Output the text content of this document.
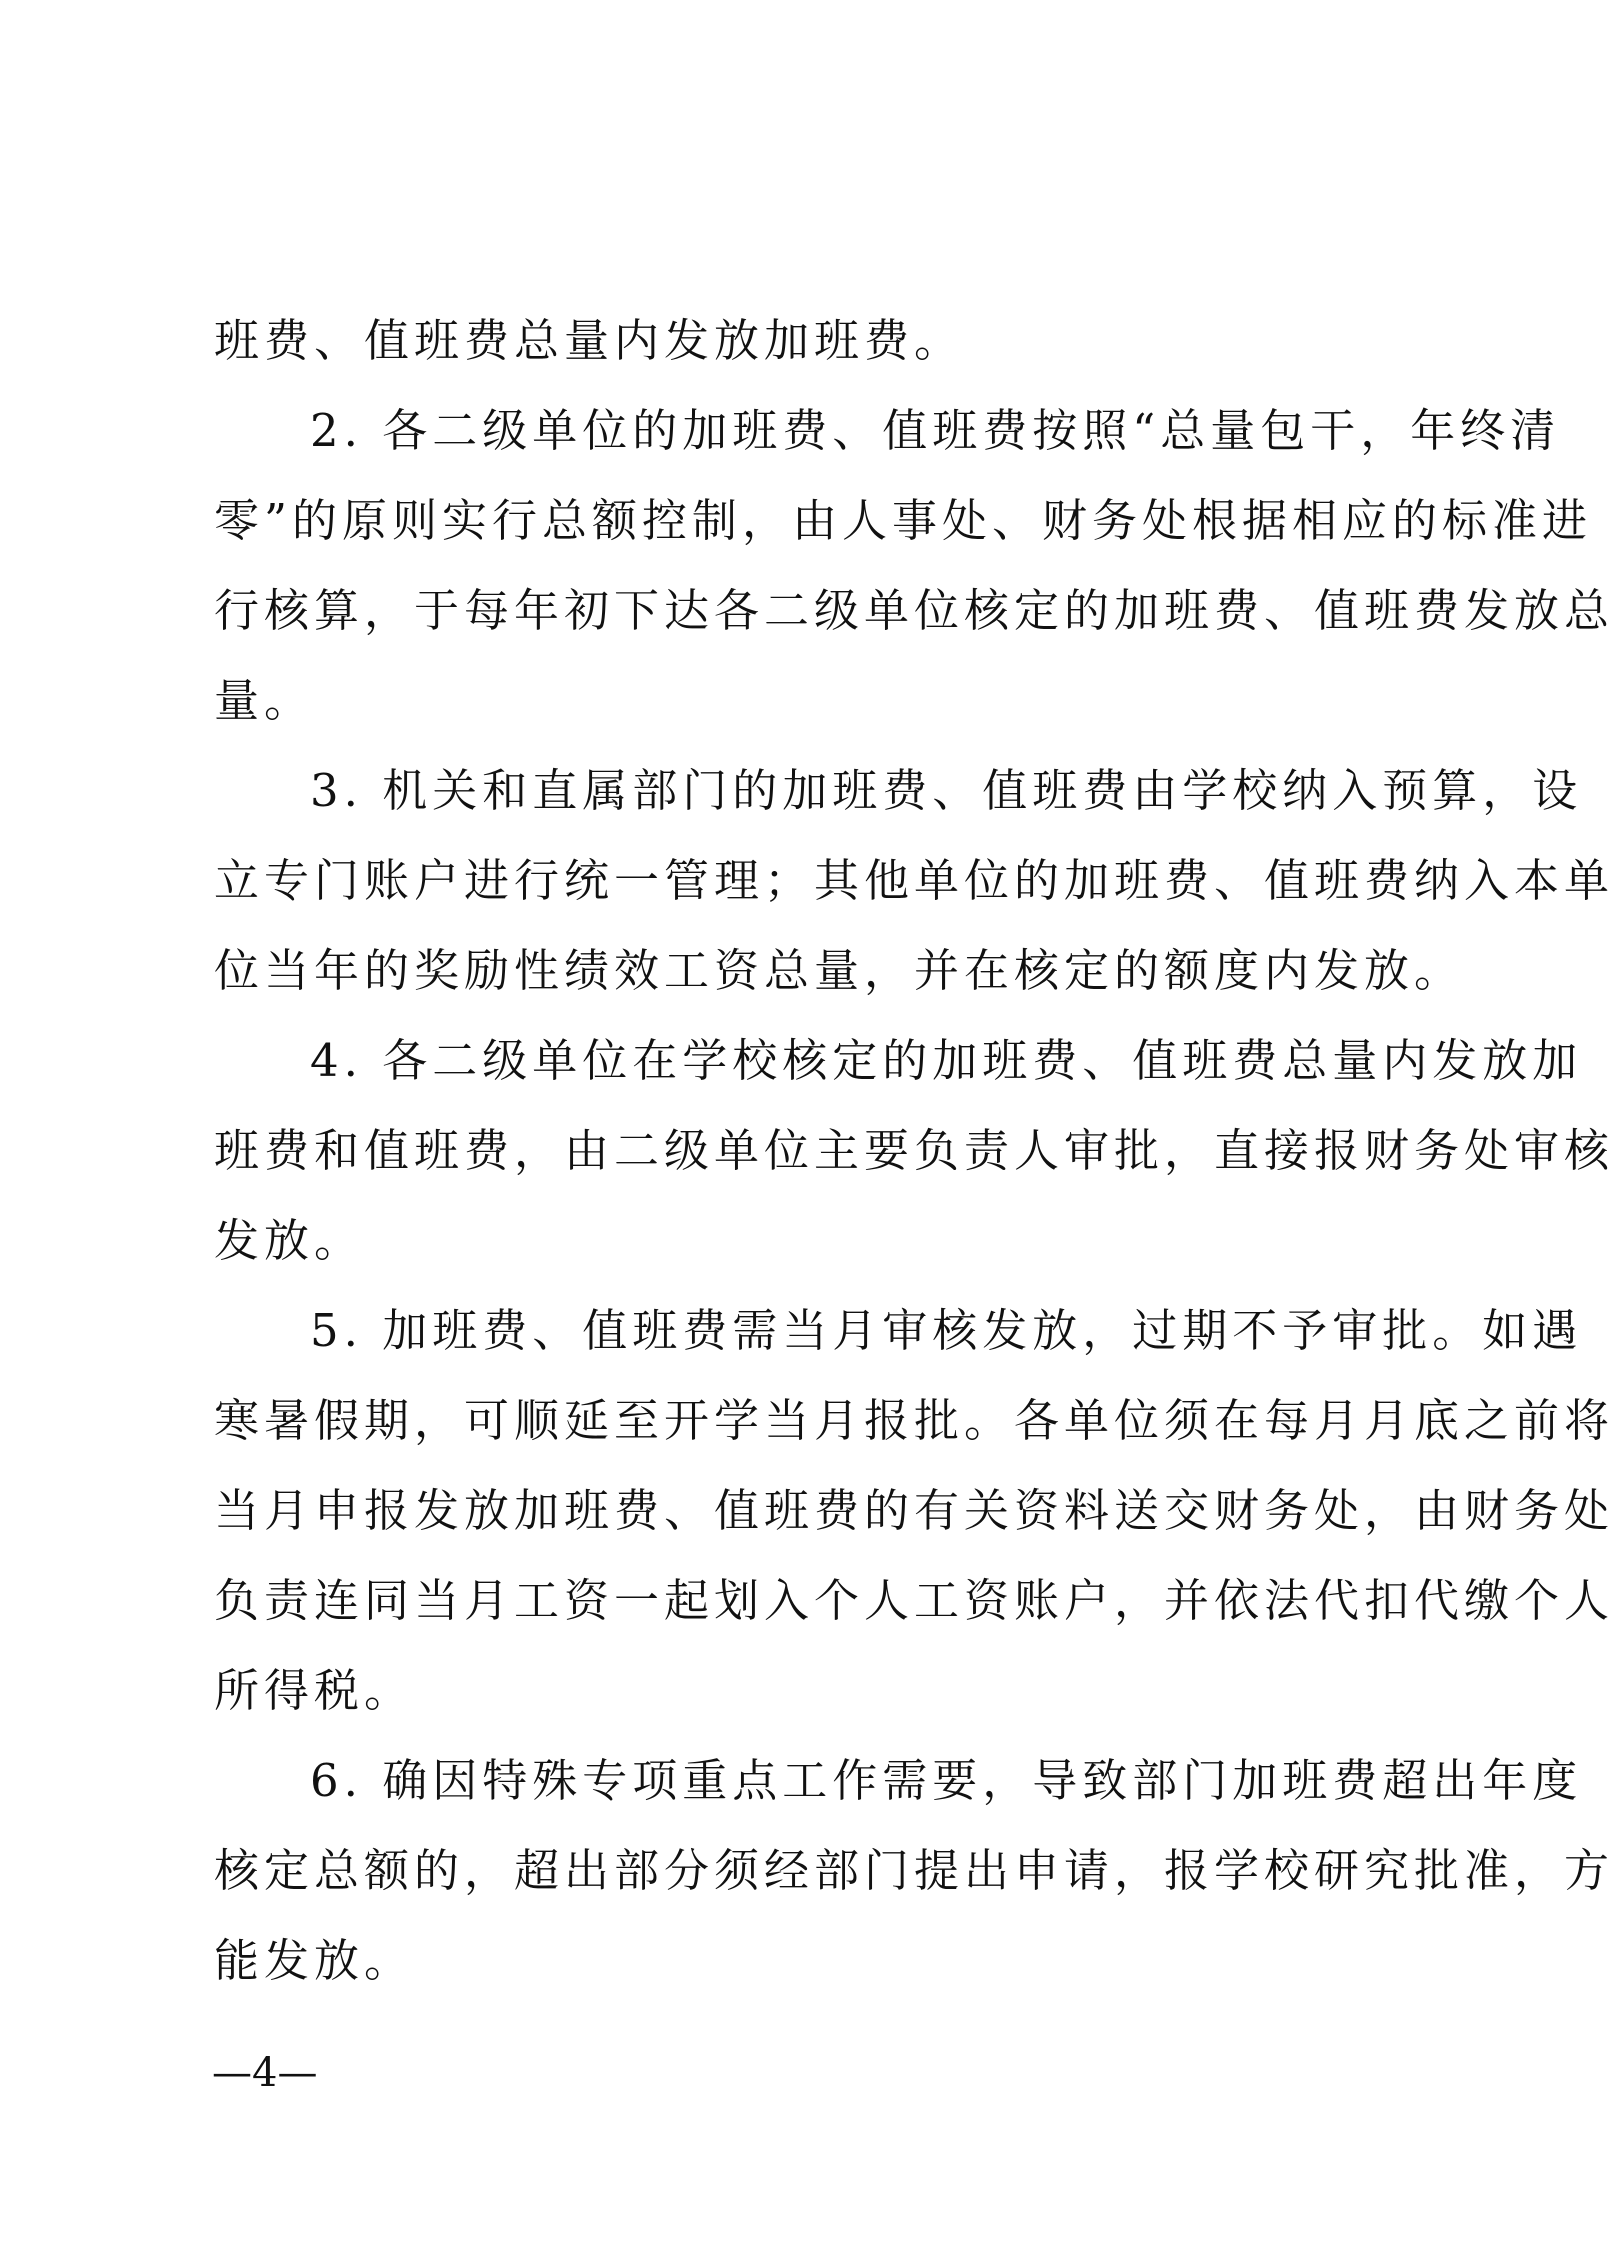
班费、值班费总量内发放加班费。
2. 各二级单位的加班费、值班费按照“总量包干，年终清
零”的原则实行总额控制，由人事处、财务处根据相应的标准进
行核算，于每年初下达各二级单位核定的加班费、值班费发放总
量。
3. 机关和直属部门的加班费、值班费由学校纳入预算，设
立专门账户进行统一管理；其他单位的加班费、值班费纳入本单
位当年的奖励性绩效工资总量，并在核定的额度内发放。
4. 各二级单位在学校核定的加班费、值班费总量内发放加
班费和值班费，由二级单位主要负责人审批，直接报财务处审核
发放。
5. 加班费、值班费需当月审核发放，过期不予审批。如遇
寒暑假期，可顺延至开学当月报批。各单位须在每月月底之前将
当月申报发放加班费、值班费的有关资料送交财务处，由财务处
负责连同当月工资一起划入个人工资账户，并依法代扣代缴个人
所得税。
6. 确因特殊专项重点工作需要，导致部门加班费超出年度
核定总额的，超出部分须经部门提出申请，报学校研究批准，方
能发放。
—4—
